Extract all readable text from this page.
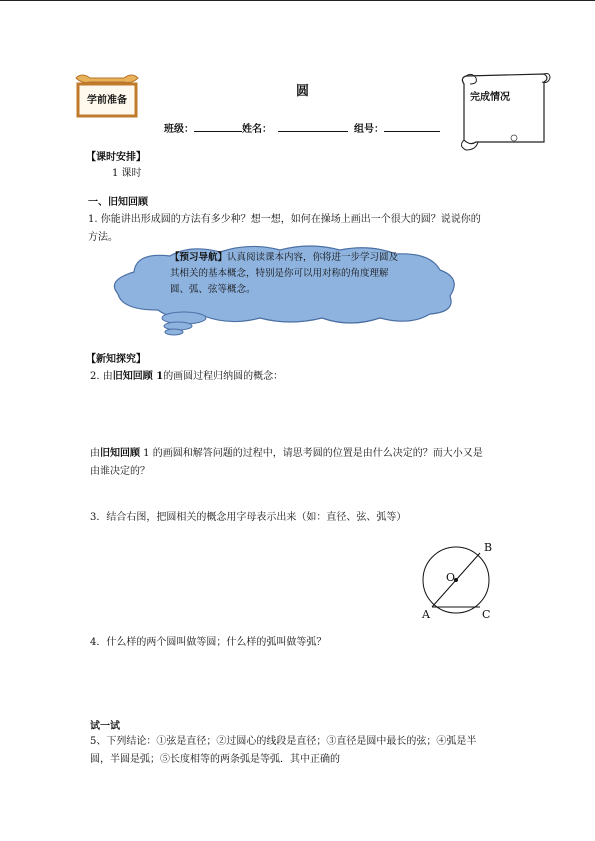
学前准备
圆
班级：	姓名：	组号：
完成情况
【课时安排】
1 课时
一、旧知回顾
1. 你能讲出形成圆的方法有多少种？想一想，如何在操场上画出一个很大的圆？说说你的
方法。
【预习导航】认真阅读课本内容，你将进一步学习圆及
其相关的基本概念，特别是你可以用对称的角度理解
圆、弧、弦等概念。
【新知探究】
2. 由旧知回顾 1的画圆过程归纳圆的概念：
由旧知回顾 1 的画圆和解答问题的过程中，请思考圆的位置是由什么决定的？而大小又是
由谁决定的？
3．结合右图，把圆相关的概念用字母表示出来（如：直径、弦、弧等）
B
O
A	C
4．什么样的两个圆叫做等圆；什么样的弧叫做等弧？
试一试
5、下列结论：①弦是直径；②过圆心的线段是直径；③直径是圆中最长的弦；④弧是半
圆，半圆是弧；⑤长度相等的两条弧是等弧．其中正确的
